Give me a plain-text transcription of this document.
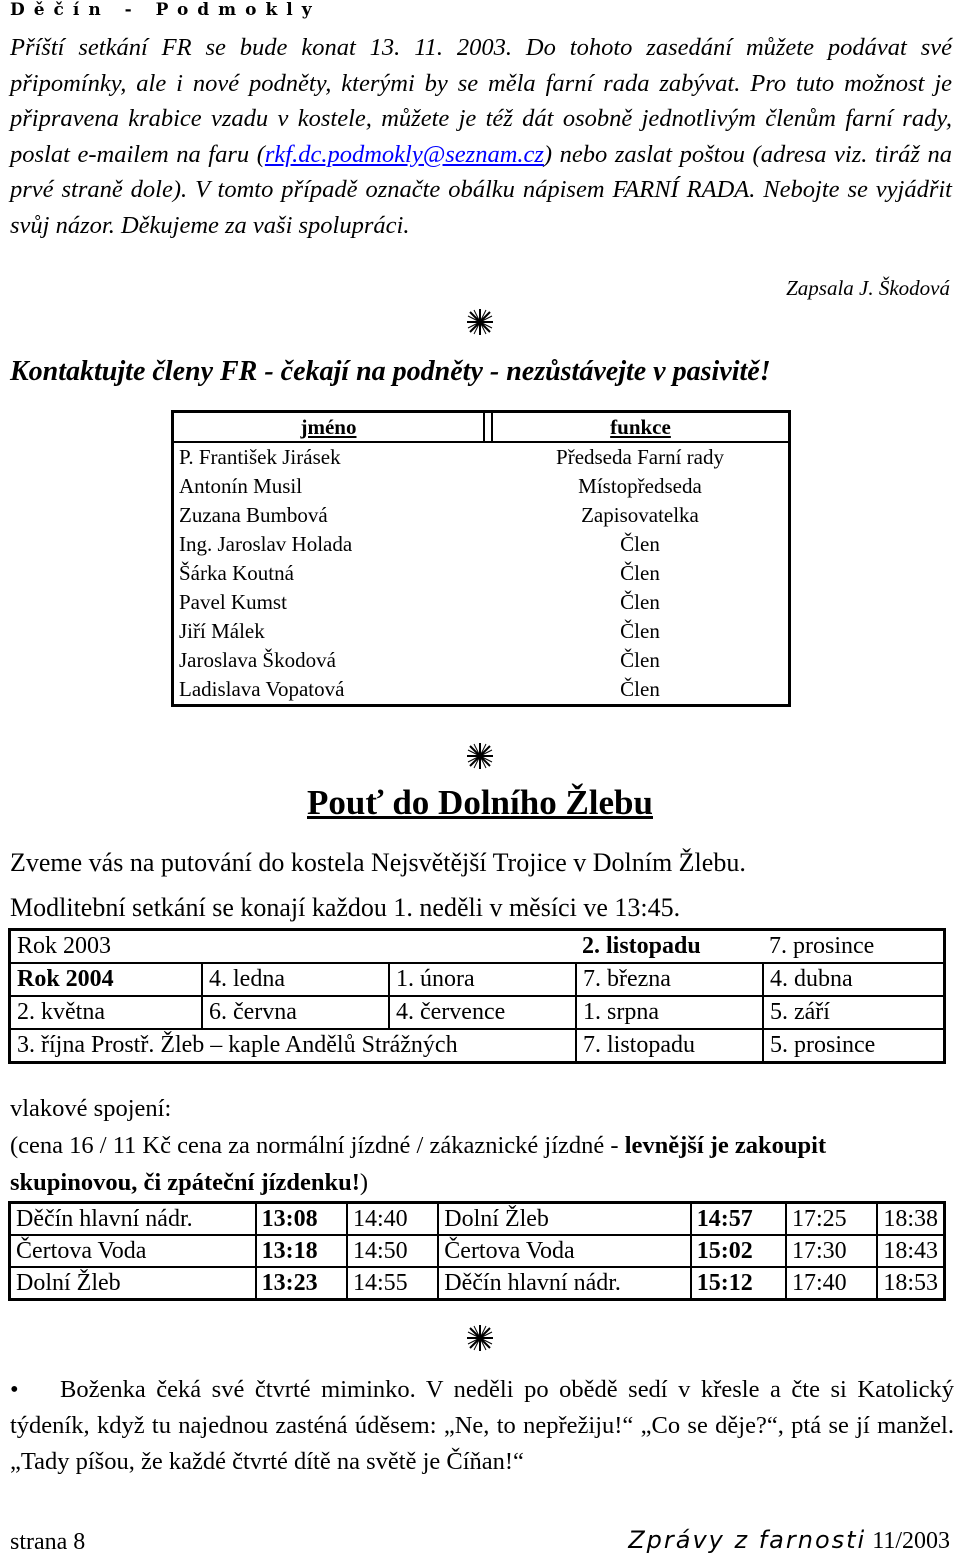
Děčín - Podmokly
Příští setkání FR se bude konat 13. 11. 2003. Do tohoto zasedání můžete podávat své připomínky, ale i nové podněty, kterými by se měla farní rada zabývat. Pro tuto možnost je připravena krabice vzadu v kostele, můžete je též dát osobně jednotlivým členům farní rady, poslat e-mailem na faru (rkf.dc.podmokly@seznam.cz) nebo zaslat poštou (adresa viz. tiráž na prvé straně dole). V tomto případě označte obálku nápisem FARNÍ RADA. Nebojte se vyjádřit svůj názor. Děkujeme za vaši spolupráci.
Zapsala J. Škodová
Kontaktujte členy FR - čekají na podněty - nezůstávejte v pasivitě!
jméno		funkce
P. František Jirásek		Předseda Farní rady
Antonín Musil		Místopředseda
Zuzana Bumbová		Zapisovatelka
Ing. Jaroslav Holada		Člen
Šárka Koutná		Člen
Pavel Kumst		Člen
Jiří Málek		Člen
Jaroslava Škodová		Člen
Ladislava Vopatová		Člen
Pouť do Dolního Žlebu
Zveme vás na putování do kostela Nejsvětější Trojice v Dolním Žlebu.
Modlitební setkání se konají každou 1. neděli v měsíci ve 13:45.
Rok 2003			2. listopadu	7. prosince
Rok 2004	4. ledna	1. února	7. března	4. dubna
2. května	6. června	4. července	1. srpna	5. září
3. října Prostř. Žleb – kaple Andělů Strážných			7. listopadu	5. prosince
vlakové spojení:
(cena 16 / 11 Kč cena za normální jízdné / zákaznické jízdné - levnější je zakoupit skupinovou, či zpáteční jízdenku!)
Děčín hlavní nádr.	13:08	14:40	Dolní Žleb	14:57	17:25	18:38
Čertova Voda	13:18	14:50	Čertova Voda	15:02	17:30	18:43
Dolní Žleb	13:23	14:55	Děčín hlavní nádr.	15:12	17:40	18:53
• Boženka čeká své čtvrté miminko. V neděli po obědě sedí v křesle a čte si Katolický týdeník, když tu najednou zasténá úděsem: „Ne, to nepřežiju!“ „Co se děje?“, ptá se jí manžel. „Tady píšou, že každé čtvrté dítě na světě je Číňan!“
strana 8	Zprávy z farnosti 11/2003
